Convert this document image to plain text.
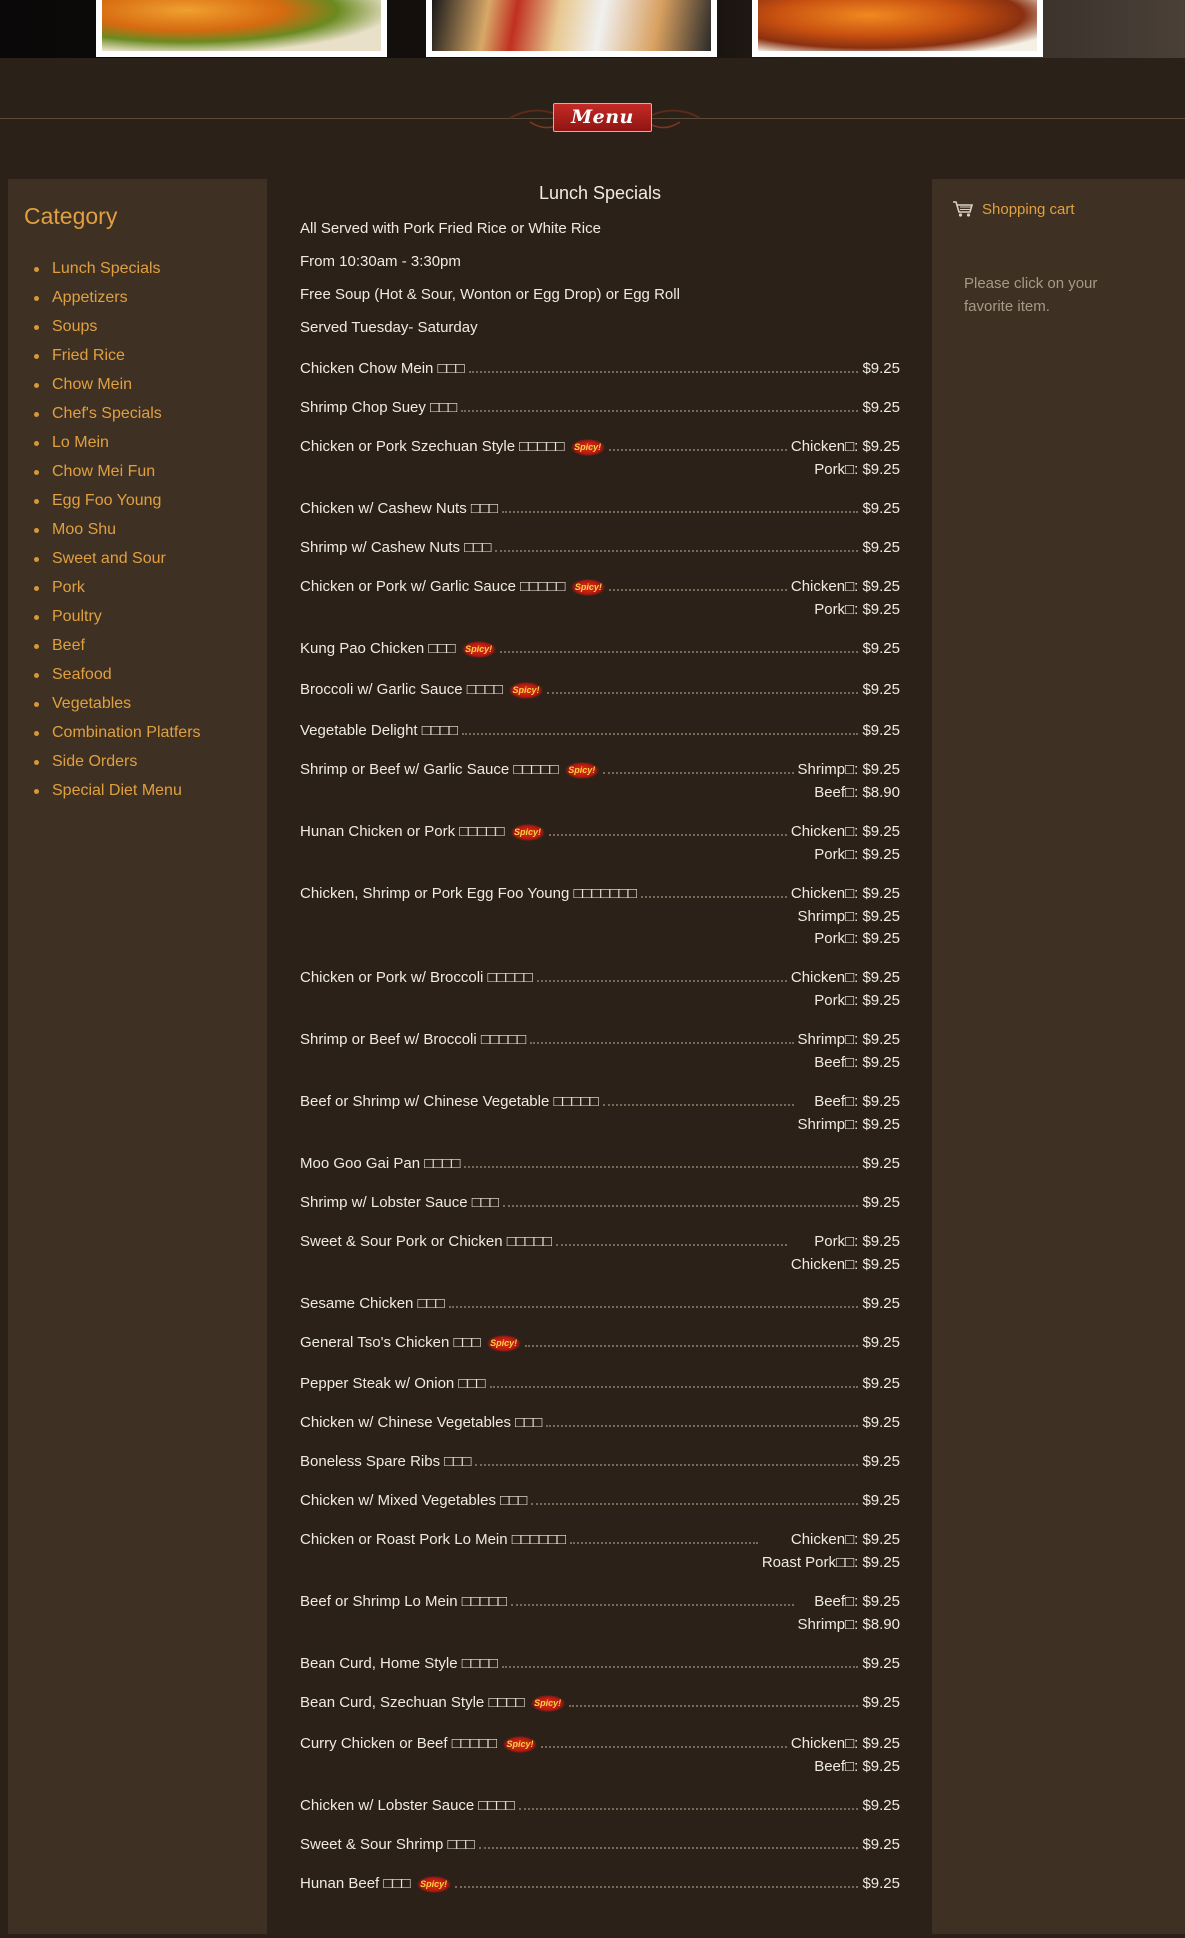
Menu
Category
Lunch Specials
Appetizers
Soups
Fried Rice
Chow Mein
Chef's Specials
Lo Mein
Chow Mei Fun
Egg Foo Young
Moo Shu
Sweet and Sour
Pork
Poultry
Beef
Seafood
Vegetables
Combination Platfers
Side Orders
Special Diet Menu
Lunch Specials

All Served with Pork Fried Rice or White Rice

From 10:30am - 3:30pm

Free Soup (Hot & Sour, Wonton or Egg Drop) or Egg Roll

Served Tuesday- Saturday

Chicken Chow Mein □□□	$9.25
Shrimp Chop Suey □□□	$9.25
Chicken or Pork Szechuan Style □□□□□ Spicy!	Chicken□: $9.25
Pork□: $9.25
Chicken w/ Cashew Nuts □□□	$9.25
Shrimp w/ Cashew Nuts □□□	$9.25
Chicken or Pork w/ Garlic Sauce □□□□□ Spicy!	Chicken□: $9.25
Pork□: $9.25
Kung Pao Chicken □□□ Spicy!	$9.25
Broccoli w/ Garlic Sauce □□□□ Spicy!	$9.25
Vegetable Delight □□□□	$9.25
Shrimp or Beef w/ Garlic Sauce □□□□□ Spicy!	Shrimp□: $9.25
Beef□: $8.90
Hunan Chicken or Pork □□□□□ Spicy!	Chicken□: $9.25
Pork□: $9.25
Chicken, Shrimp or Pork Egg Foo Young □□□□□□□	Chicken□: $9.25
Shrimp□: $9.25
Pork□: $9.25
Chicken or Pork w/ Broccoli □□□□□	Chicken□: $9.25
Pork□: $9.25
Shrimp or Beef w/ Broccoli □□□□□	Shrimp□: $9.25
Beef□: $9.25
Beef or Shrimp w/ Chinese Vegetable □□□□□	Beef□: $9.25
Shrimp□: $9.25
Moo Goo Gai Pan □□□□	$9.25
Shrimp w/ Lobster Sauce □□□	$9.25
Sweet & Sour Pork or Chicken □□□□□	Pork□: $9.25
Chicken□: $9.25
Sesame Chicken □□□	$9.25
General Tso's Chicken □□□ Spicy!	$9.25
Pepper Steak w/ Onion □□□	$9.25
Chicken w/ Chinese Vegetables □□□	$9.25
Boneless Spare Ribs □□□	$9.25
Chicken w/ Mixed Vegetables □□□	$9.25
Chicken or Roast Pork Lo Mein □□□□□□	Chicken□: $9.25
Roast Pork□□: $9.25
Beef or Shrimp Lo Mein □□□□□	Beef□: $9.25
Shrimp□: $8.90
Bean Curd, Home Style □□□□	$9.25
Bean Curd, Szechuan Style □□□□ Spicy!	$9.25
Curry Chicken or Beef □□□□□ Spicy!	Chicken□: $9.25
Beef□: $9.25
Chicken w/ Lobster Sauce □□□□	$9.25
Sweet & Sour Shrimp □□□	$9.25
Hunan Beef □□□ Spicy!	$9.25
Shopping cart
Please click on your favorite item.
